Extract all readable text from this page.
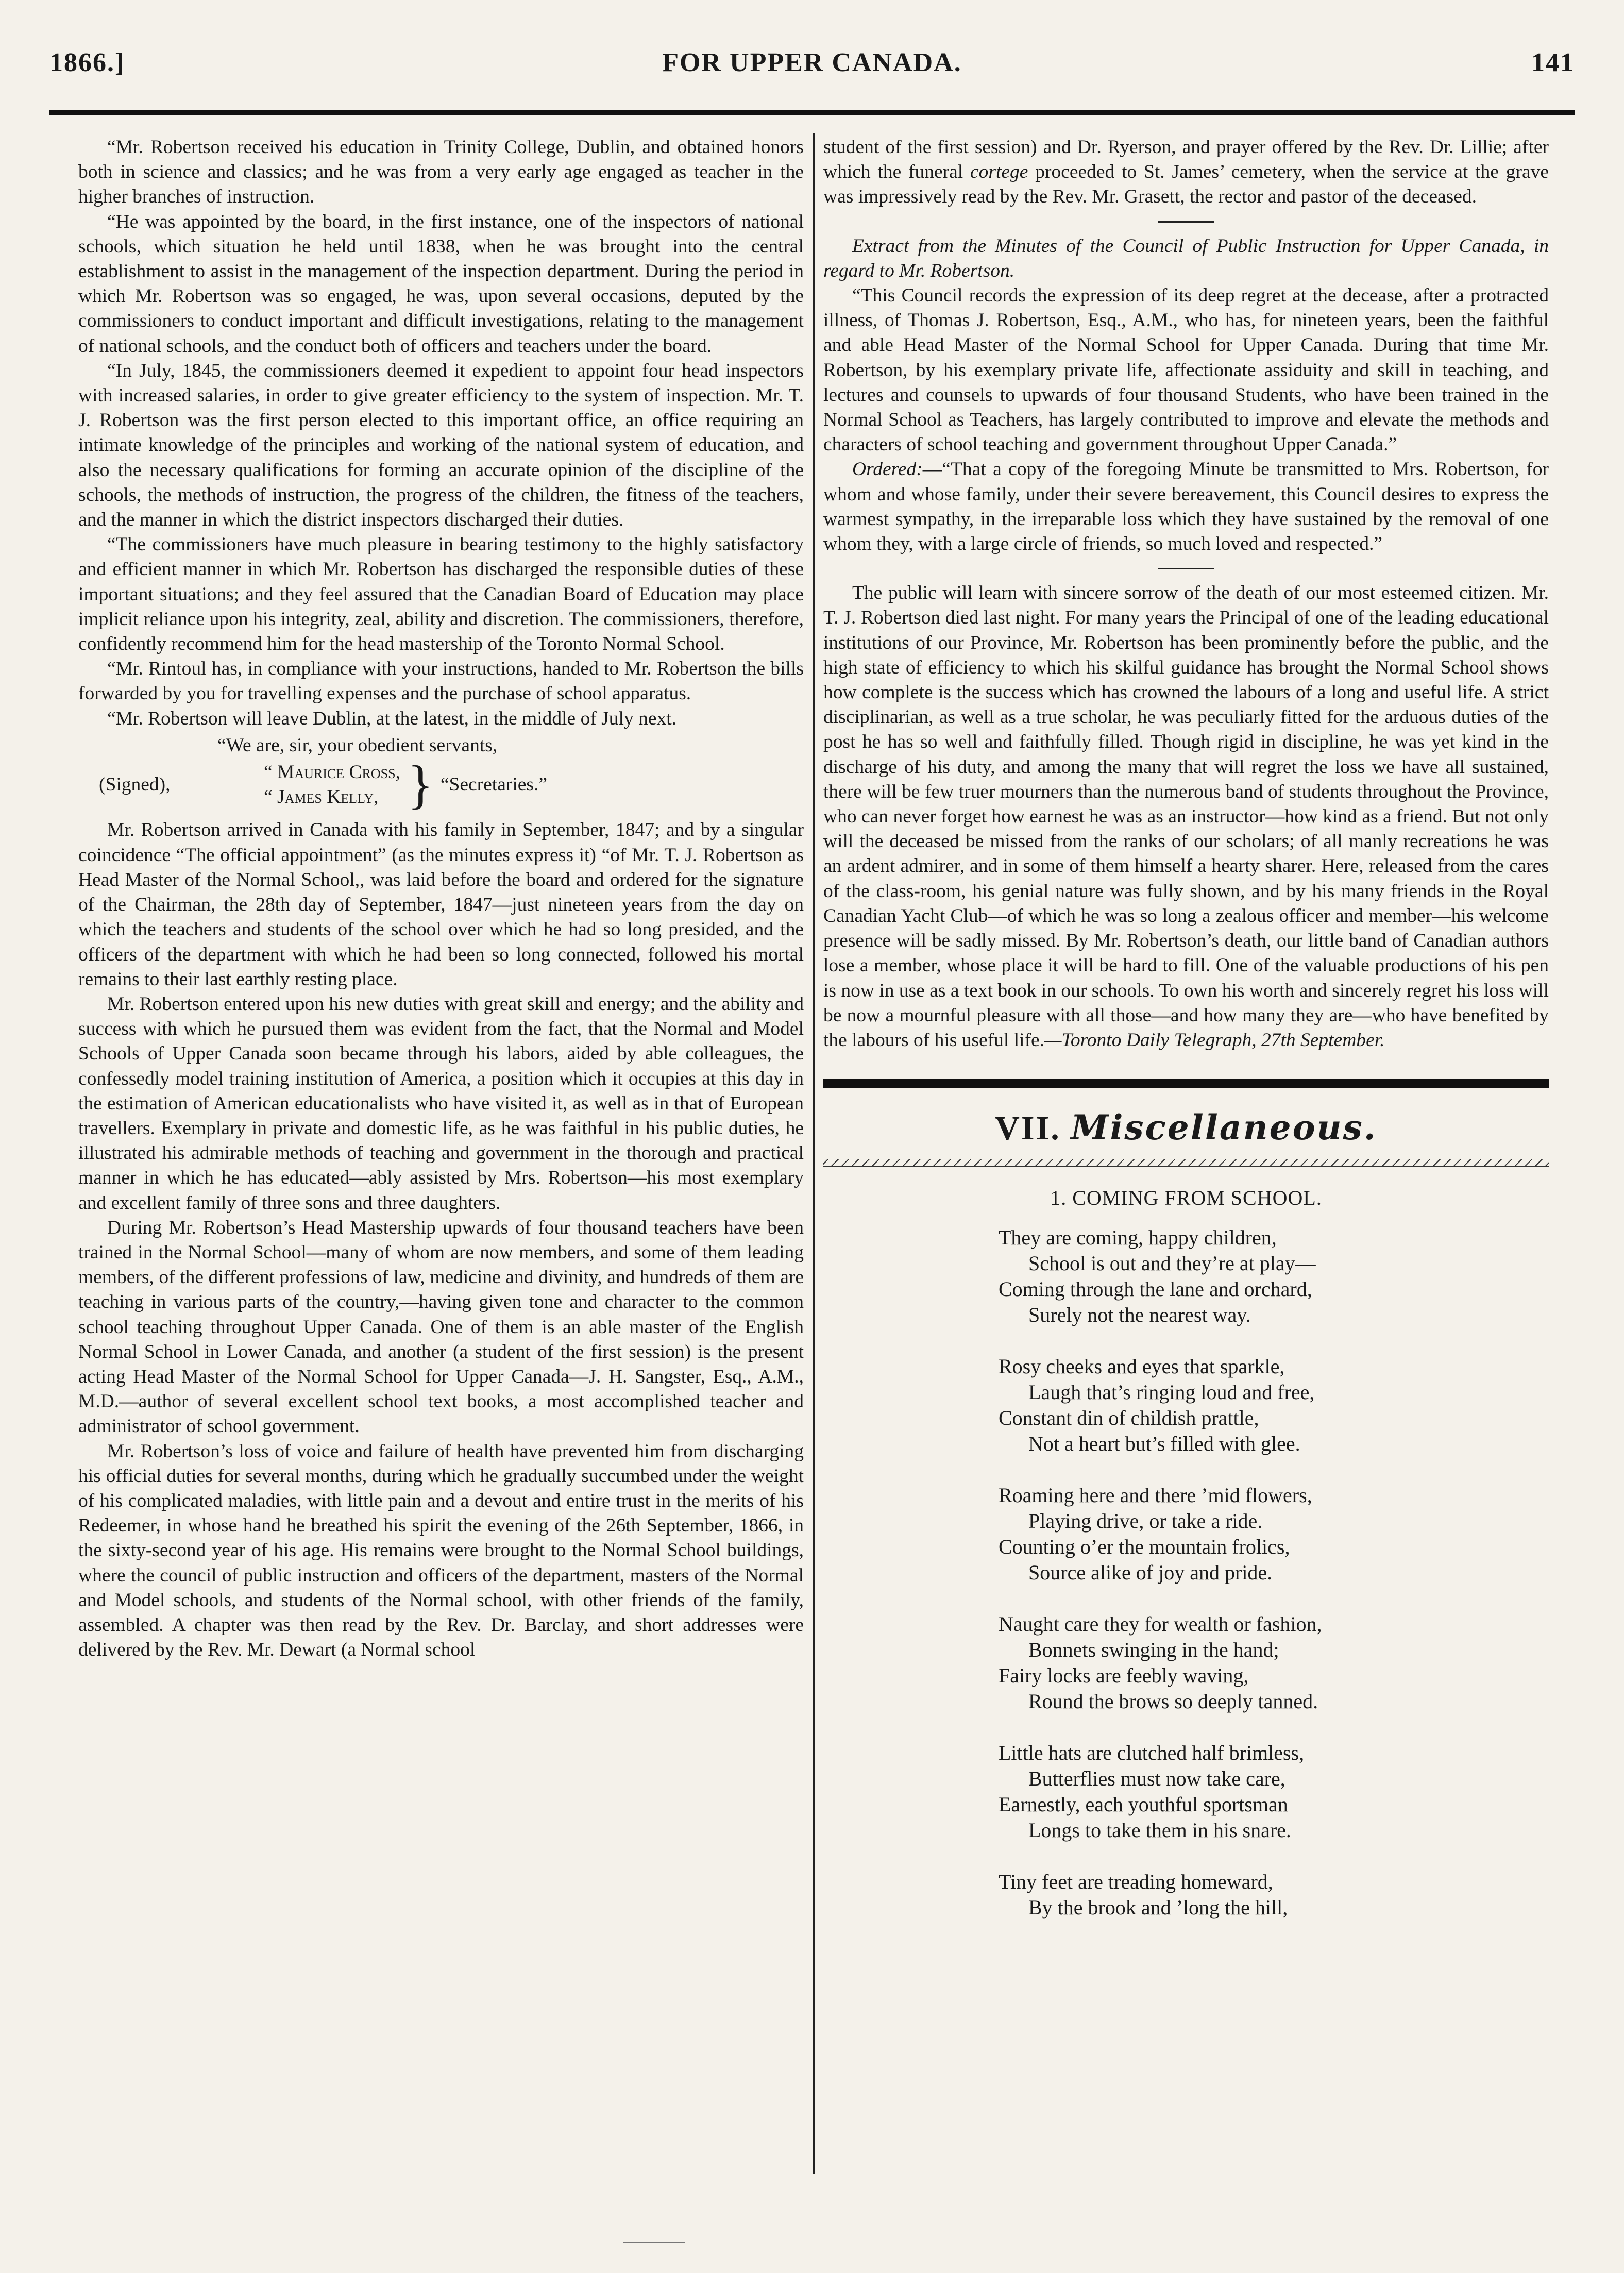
1866.]	FOR UPPER CANADA.	141

“Mr. Robertson received his education in Trinity College, Dublin, and obtained honors both in science and classics; and he was from a very early age engaged as teacher in the higher branches of instruction.

“He was appointed by the board, in the first instance, one of the inspectors of national schools, which situation he held until 1838, when he was brought into the central establishment to assist in the management of the inspection department. During the period in which Mr. Robertson was so engaged, he was, upon several occasions, deputed by the commissioners to conduct important and difficult investigations, relating to the management of national schools, and the conduct both of officers and teachers under the board.

“In July, 1845, the commissioners deemed it expedient to appoint four head inspectors with increased salaries, in order to give greater efficiency to the system of inspection. Mr. T. J. Robertson was the first person elected to this important office, an office requiring an intimate knowledge of the principles and working of the national system of education, and also the necessary qualifications for forming an accurate opinion of the discipline of the schools, the methods of instruction, the progress of the children, the fitness of the teachers, and the manner in which the district inspectors discharged their duties.

“The commissioners have much pleasure in bearing testimony to the highly satisfactory and efficient manner in which Mr. Robertson has discharged the responsible duties of these important situations; and they feel assured that the Canadian Board of Education may place implicit reliance upon his integrity, zeal, ability and discretion. The commissioners, therefore, confidently recommend him for the head mastership of the Toronto Normal School.

“Mr. Rintoul has, in compliance with your instructions, handed to Mr. Robertson the bills forwarded by you for travelling expenses and the purchase of school apparatus.

“Mr. Robertson will leave Dublin, at the latest, in the middle of July next.

“We are, sir, your obedient servants,

(Signed),
“ Maurice Cross,
“ James Kelly, } “Secretaries.”

Mr. Robertson arrived in Canada with his family in September, 1847; and by a singular coincidence “The official appointment” (as the minutes express it) “of Mr. T. J. Robertson as Head Master of the Normal School,, was laid before the board and ordered for the signature of the Chairman, the 28th day of September, 1847—just nineteen years from the day on which the teachers and students of the school over which he had so long presided, and the officers of the department with which he had been so long connected, followed his mortal remains to their last earthly resting place.

Mr. Robertson entered upon his new duties with great skill and energy; and the ability and success with which he pursued them was evident from the fact, that the Normal and Model Schools of Upper Canada soon became through his labors, aided by able colleagues, the confessedly model training institution of America, a position which it occupies at this day in the estimation of American educationalists who have visited it, as well as in that of European travellers. Exemplary in private and domestic life, as he was faithful in his public duties, he illustrated his admirable methods of teaching and government in the thorough and practical manner in which he has educated—ably assisted by Mrs. Robertson—his most exemplary and excellent family of three sons and three daughters.

During Mr. Robertson’s Head Mastership upwards of four thousand teachers have been trained in the Normal School—many of whom are now members, and some of them leading members, of the different professions of law, medicine and divinity, and hundreds of them are teaching in various parts of the country,—having given tone and character to the common school teaching throughout Upper Canada. One of them is an able master of the English Normal School in Lower Canada, and another (a student of the first session) is the present acting Head Master of the Normal School for Upper Canada—J. H. Sangster, Esq., A.M., M.D.—author of several excellent school text books, a most accomplished teacher and administrator of school government.

Mr. Robertson’s loss of voice and failure of health have prevented him from discharging his official duties for several months, during which he gradually succumbed under the weight of his complicated maladies, with little pain and a devout and entire trust in the merits of his Redeemer, in whose hand he breathed his spirit the evening of the 26th September, 1866, in the sixty-second year of his age. His remains were brought to the Normal School buildings, where the council of public instruction and officers of the department, masters of the Normal and Model schools, and students of the Normal school, with other friends of the family, assembled. A chapter was then read by the Rev. Dr. Barclay, and short addresses were delivered by the Rev. Mr. Dewart (a Normal school

student of the first session) and Dr. Ryerson, and prayer offered by the Rev. Dr. Lillie; after which the funeral cortege proceeded to St. James’ cemetery, when the service at the grave was impressively read by the Rev. Mr. Grasett, the rector and pastor of the deceased.

Extract from the Minutes of the Council of Public Instruction for Upper Canada, in regard to Mr. Robertson.

“This Council records the expression of its deep regret at the decease, after a protracted illness, of Thomas J. Robertson, Esq., A.M., who has, for nineteen years, been the faithful and able Head Master of the Normal School for Upper Canada. During that time Mr. Robertson, by his exemplary private life, affectionate assiduity and skill in teaching, and lectures and counsels to upwards of four thousand Students, who have been trained in the Normal School as Teachers, has largely contributed to improve and elevate the methods and characters of school teaching and government throughout Upper Canada.”

Ordered:—“That a copy of the foregoing Minute be transmitted to Mrs. Robertson, for whom and whose family, under their severe bereavement, this Council desires to express the warmest sympathy, in the irreparable loss which they have sustained by the removal of one whom they, with a large circle of friends, so much loved and respected.”

The public will learn with sincere sorrow of the death of our most esteemed citizen. Mr. T. J. Robertson died last night. For many years the Principal of one of the leading educational institutions of our Province, Mr. Robertson has been prominently before the public, and the high state of efficiency to which his skilful guidance has brought the Normal School shows how complete is the success which has crowned the labours of a long and useful life. A strict disciplinarian, as well as a true scholar, he was peculiarly fitted for the arduous duties of the post he has so well and faithfully filled. Though rigid in discipline, he was yet kind in the discharge of his duty, and among the many that will regret the loss we have all sustained, there will be few truer mourners than the numerous band of students throughout the Province, who can never forget how earnest he was as an instructor—how kind as a friend. But not only will the deceased be missed from the ranks of our scholars; of all manly recreations he was an ardent admirer, and in some of them himself a hearty sharer. Here, released from the cares of the class-room, his genial nature was fully shown, and by his many friends in the Royal Canadian Yacht Club—of which he was so long a zealous officer and member—his welcome presence will be sadly missed. By Mr. Robertson’s death, our little band of Canadian authors lose a member, whose place it will be hard to fill. One of the valuable productions of his pen is now in use as a text book in our schools. To own his worth and sincerely regret his loss will be now a mournful pleasure with all those—and how many they are—who have benefited by the labours of his useful life.—Toronto Daily Telegraph, 27th September.

VII. Miscellaneous.
1. COMING FROM SCHOOL.
They are coming, happy children,
School is out and they’re at play—
Coming through the lane and orchard,
Surely not the nearest way.
Rosy cheeks and eyes that sparkle,
Laugh that’s ringing loud and free,
Constant din of childish prattle,
Not a heart but’s filled with glee.
Roaming here and there ’mid flowers,
Playing drive, or take a ride.
Counting o’er the mountain frolics,
Source alike of joy and pride.
Naught care they for wealth or fashion,
Bonnets swinging in the hand;
Fairy locks are feebly waving,
Round the brows so deeply tanned.
Little hats are clutched half brimless,
Butterflies must now take care,
Earnestly, each youthful sportsman
Longs to take them in his snare.
Tiny feet are treading homeward,
By the brook and ’long the hill,
